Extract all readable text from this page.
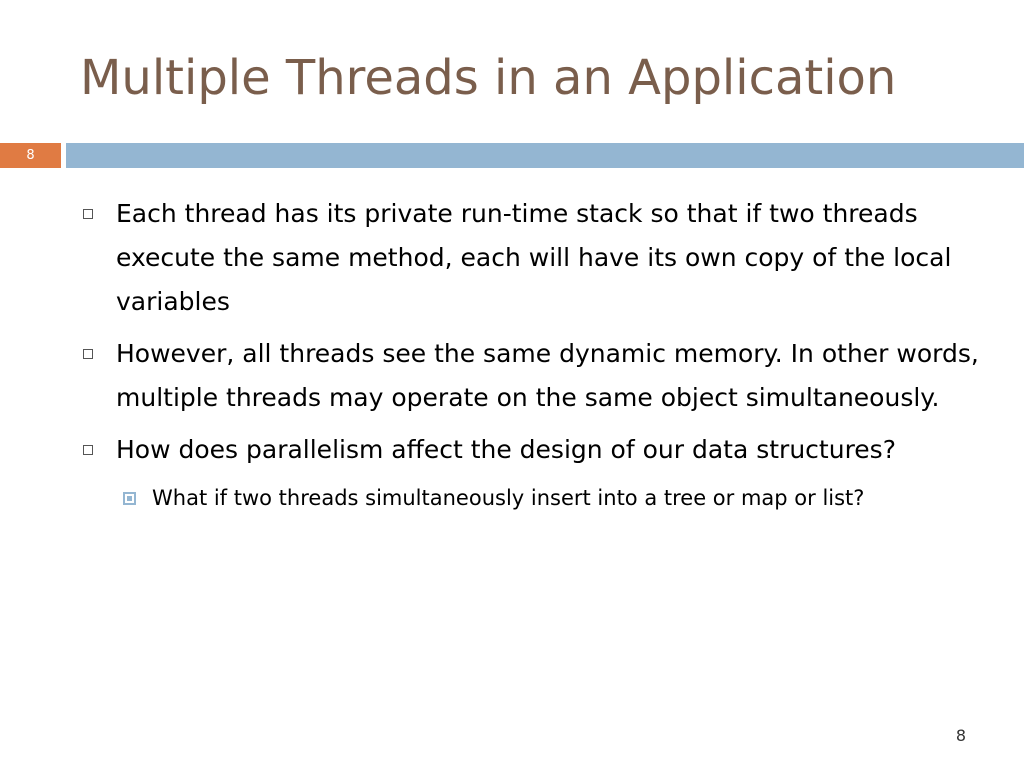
Multiple Threads in an Application
8
Each thread has its private run-time stack so that if two threads execute the same method, each will have its own copy of the local variables
However, all threads see the same dynamic memory. In other words, multiple threads may operate on the same object simultaneously.
How does parallelism affect the design of our data structures?
What if two threads simultaneously insert into a tree or map or list?
8
